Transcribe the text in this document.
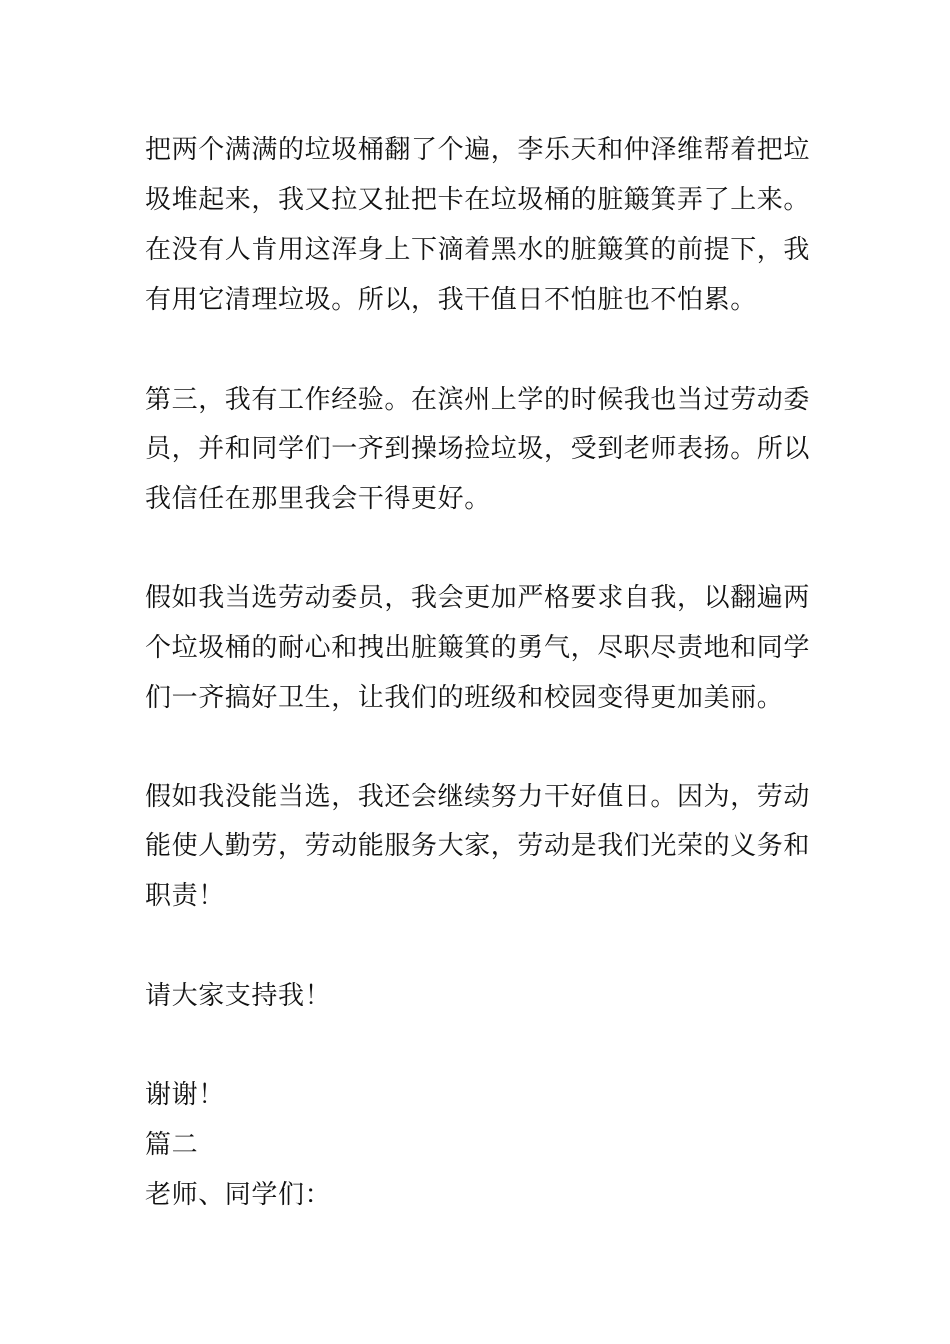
把两个满满的垃圾桶翻了个遍，李乐天和仲泽维帮着把垃
圾堆起来，我又拉又扯把卡在垃圾桶的脏簸箕弄了上来。
在没有人肯用这浑身上下滴着黑水的脏簸箕的前提下，我
有用它清理垃圾。所以，我干值日不怕脏也不怕累。
第三，我有工作经验。在滨州上学的时候我也当过劳动委
员，并和同学们一齐到操场捡垃圾，受到老师表扬。所以
我信任在那里我会干得更好。
假如我当选劳动委员，我会更加严格要求自我，以翻遍两
个垃圾桶的耐心和拽出脏簸箕的勇气，尽职尽责地和同学
们一齐搞好卫生，让我们的班级和校园变得更加美丽。
假如我没能当选，我还会继续努力干好值日。因为，劳动
能使人勤劳，劳动能服务大家，劳动是我们光荣的义务和
职责！
请大家支持我！
谢谢！
篇二
老师、同学们：
